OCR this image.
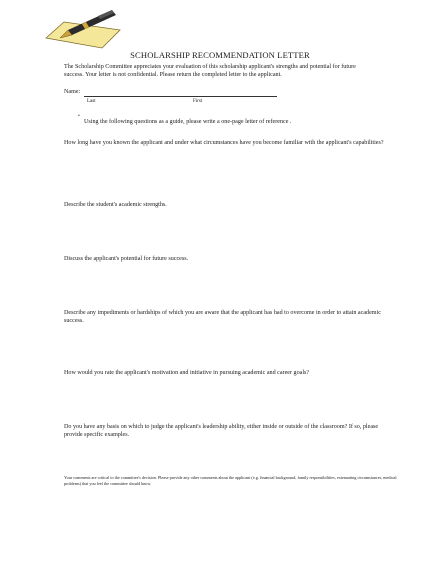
SCHOLARSHIP RECOMMENDATION LETTER
The Scholarship Committee appreciates your evaluation of this scholarship applicant's strengths and potential for future success. Your letter is not confidential. Please return the completed letter to the applicant.
Name:
Last	First
•
Using the following questions as a guide, please write a one-page letter of reference .
How long have you known the applicant and under what circumstances have you become familiar with the applicant's capabilities?
Describe the student's academic strengths.
Discuss the applicant's potential for future success.
Describe any impediments or hardships of which you are aware that the applicant has had to overcome in order to attain academic success.
How would you rate the applicant's motivation and initiative in pursuing academic and career goals?
Do you have any basis on which to judge the applicant's leadership ability, either inside or outside of the classroom? If so, please provide specific examples.
Your comments are critical to the committee's decision. Please provide any other comments about the applicant (e.g. financial background, family responsibilities, extenuating circumstances, medical problems) that you feel the committee should know.
